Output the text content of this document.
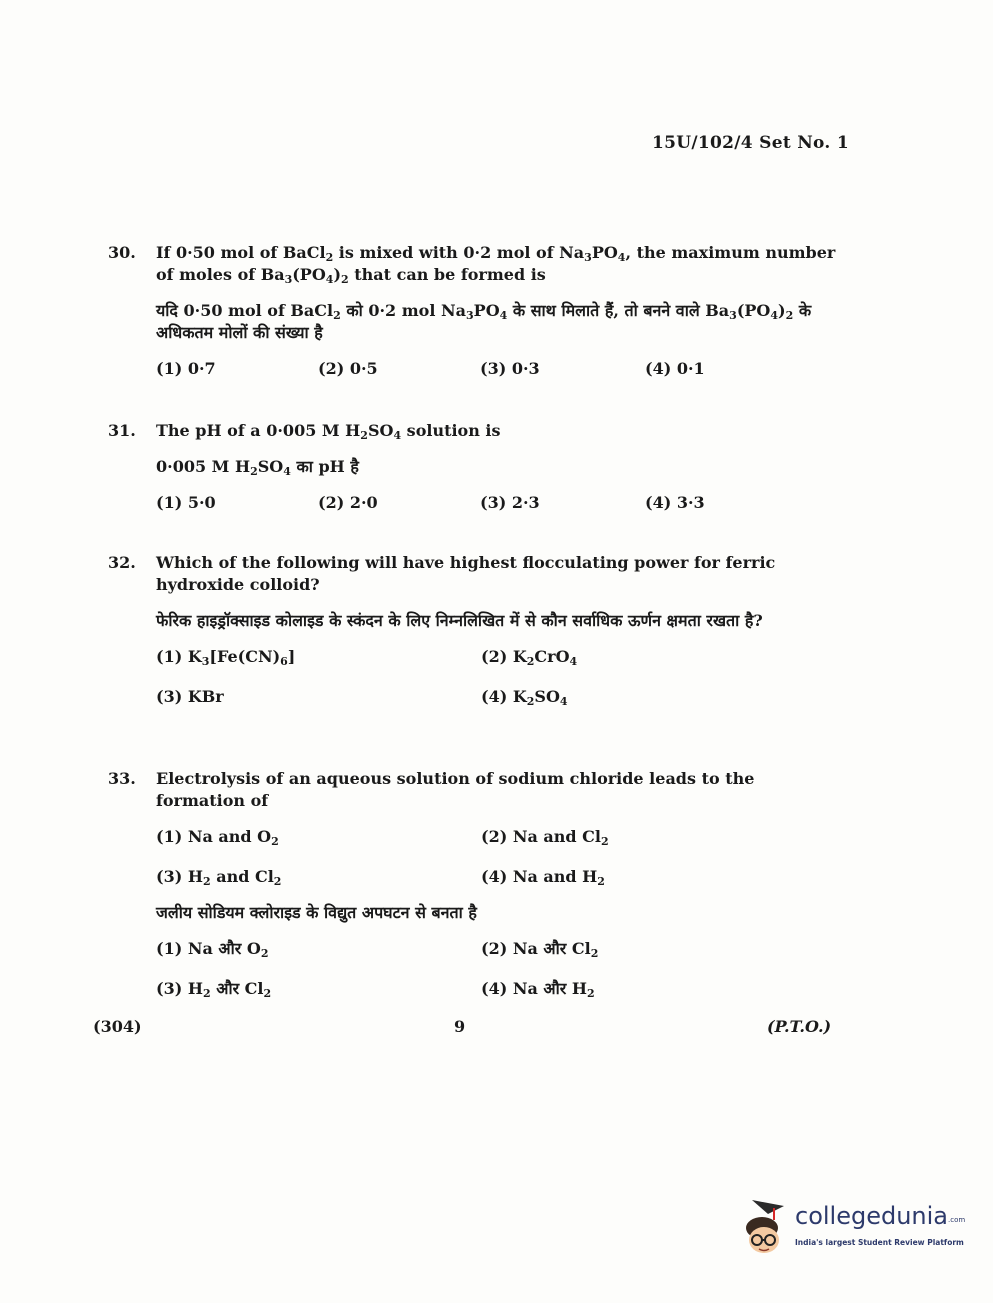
15U/102/4 Set No. 1
30.	If 0·50 mol of BaCl$_2$ is mixed with 0·2 mol of $Na_3PO_4$, the maximum number of moles of $Ba_3(PO_4)_2$ that can be formed is
यदि 0·50 mol of BaCl$_2$ को 0·2 mol $Na_3PO_4$ के साथ मिलाते हैं, तो बनने वाले $Ba_3(PO_4)_2$ के अधिकतम मोलों की संख्या है
(1) 0·7	(2) 0·5	(3) 0·3	(4) 0·1
31.	The pH of a 0·005 M $H_2SO_4$ solution is
0·005 M $H_2SO_4$ का pH है
(1) 5·0	(2) 2·0	(3) 2·3	(4) 3·3
32.	Which of the following will have highest flocculating power for ferric hydroxide colloid?
फेरिक हाइड्रॉक्साइड कोलाइड के स्कंदन के लिए निम्नलिखित में से कौन सर्वाधिक ऊर्णन क्षमता रखता है?
(1) $K_3[Fe(CN)_6]$	(2) $K_2CrO_4$
(3) KBr	(4) $K_2SO_4$
33.	Electrolysis of an aqueous solution of sodium chloride leads to the formation of
(1) Na and $O_2$	(2) Na and $Cl_2$
(3) $H_2$ and $Cl_2$	(4) Na and $H_2$
जलीय सोडियम क्लोराइड के विद्युत अपघटन से बनता है
(1) Na और $O_2$	(2) Na और $Cl_2$
(3) $H_2$ और $Cl_2$	(4) Na और $H_2$
(304)	9	(P.T.O.)
collegedunia.com
India's largest Student Review Platform
